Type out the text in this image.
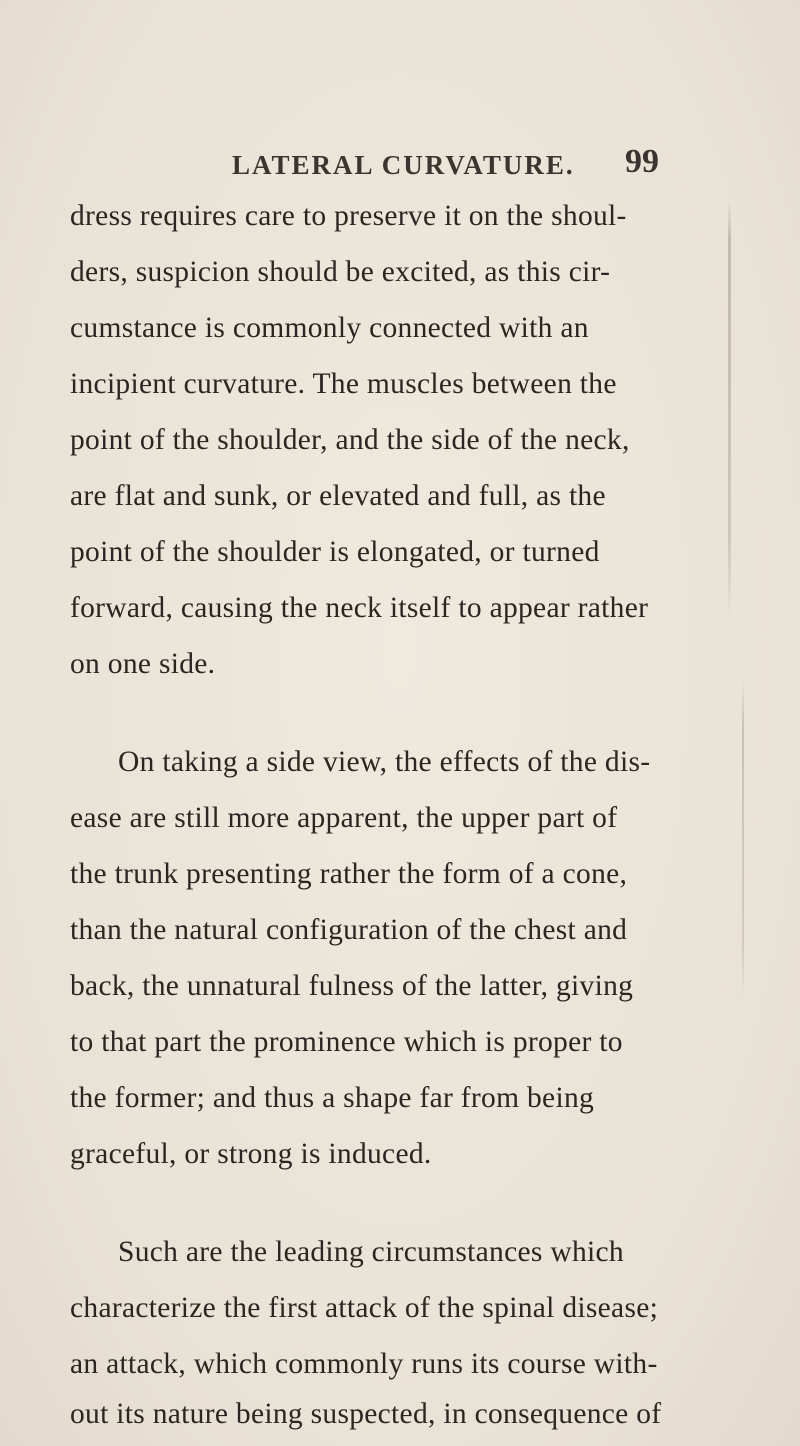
LATERAL CURVATURE. 99
dress requires care to preserve it on the shoul-
ders, suspicion should be excited, as this cir-
cumstance is commonly connected with an
incipient curvature. The muscles between the
point of the shoulder, and the side of the neck,
are flat and sunk, or elevated and full, as the
point of the shoulder is elongated, or turned
forward, causing the neck itself to appear rather
on one side.
On taking a side view, the effects of the dis-
ease are still more apparent, the upper part of
the trunk presenting rather the form of a cone,
than the natural configuration of the chest and
back, the unnatural fulness of the latter, giving
to that part the prominence which is proper to
the former; and thus a shape far from being
graceful, or strong is induced.
Such are the leading circumstances which
characterize the first attack of the spinal disease;
an attack, which commonly runs its course with-
out its nature being suspected, in consequence of
